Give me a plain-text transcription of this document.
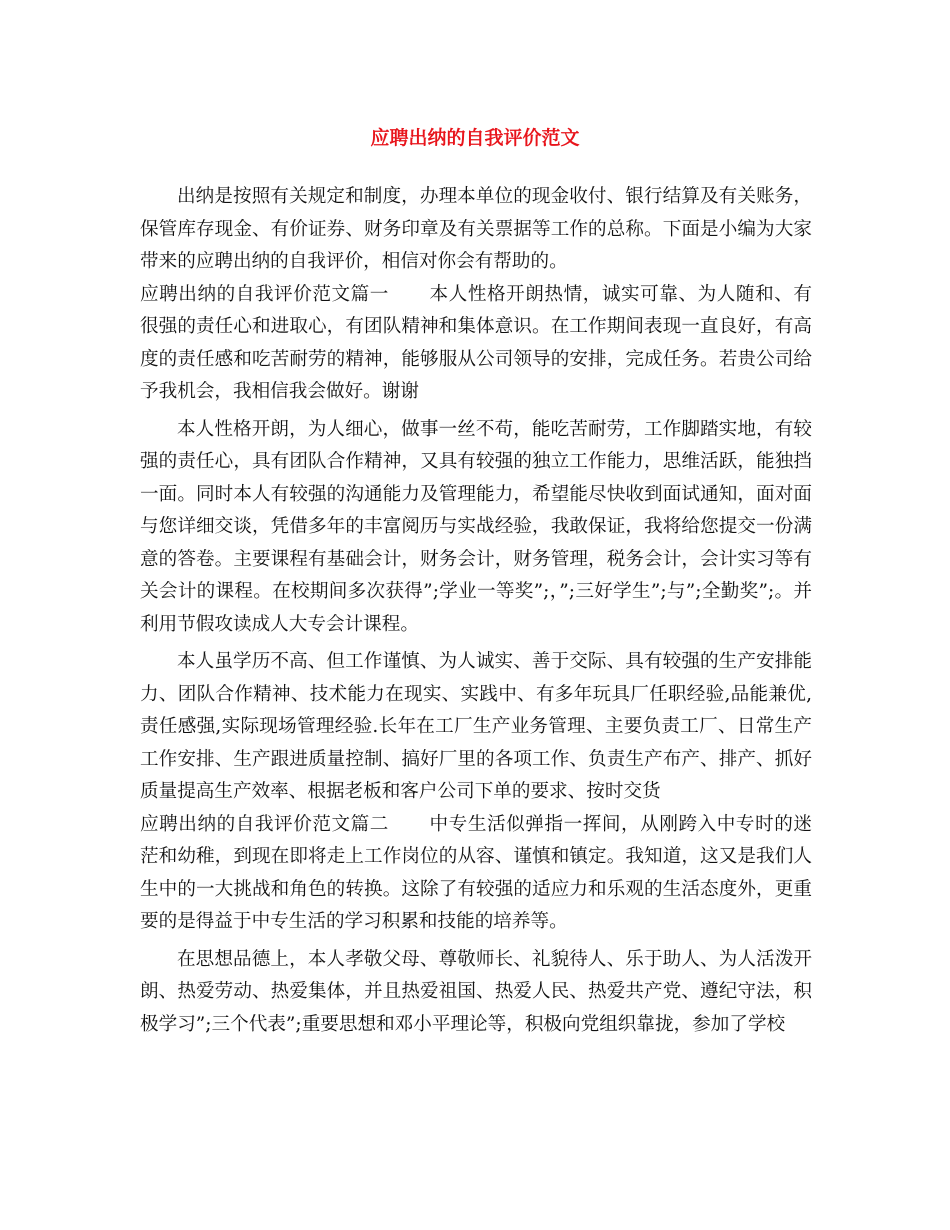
应聘出纳的自我评价范文

出纳是按照有关规定和制度，办理本单位的现金收付、银行结算及有关账务，保管库存现金、有价证券、财务印章及有关票据等工作的总称。下面是小编为大家带来的应聘出纳的自我评价，相信对你会有帮助的。

应聘出纳的自我评价范文篇一 本人性格开朗热情，诚实可靠、为人随和、有很强的责任心和进取心，有团队精神和集体意识。在工作期间表现一直良好，有高度的责任感和吃苦耐劳的精神，能够服从公司领导的安排，完成任务。若贵公司给予我机会，我相信我会做好。谢谢

本人性格开朗，为人细心，做事一丝不苟，能吃苦耐劳，工作脚踏实地，有较强的责任心，具有团队合作精神，又具有较强的独立工作能力，思维活跃，能独挡一面。同时本人有较强的沟通能力及管理能力，希望能尽快收到面试通知，面对面与您详细交谈，凭借多年的丰富阅历与实战经验，我敢保证，我将给您提交一份满意的答卷。主要课程有基础会计，财务会计，财务管理，税务会计，会计实习等有关会计的课程。在校期间多次获得”;学业一等奖”;，”;三好学生”;与”;全勤奖”;。并利用节假攻读成人大专会计课程。

本人虽学历不高、但工作谨慎、为人诚实、善于交际、具有较强的生产安排能力、团队合作精神、技术能力在现实、实践中、有多年玩具厂任职经验,品能兼优,责任感强,实际现场管理经验.长年在工厂生产业务管理、主要负责工厂、日常生产工作安排、生产跟进质量控制、搞好厂里的各项工作、负责生产布产、排产、抓好质量提高生产效率、根据老板和客户公司下单的要求、按时交货

应聘出纳的自我评价范文篇二 中专生活似弹指一挥间，从刚跨入中专时的迷茫和幼稚，到现在即将走上工作岗位的从容、谨慎和镇定。我知道，这又是我们人生中的一大挑战和角色的转换。这除了有较强的适应力和乐观的生活态度外，更重要的是得益于中专生活的学习积累和技能的培养等。

在思想品德上，本人孝敬父母、尊敬师长、礼貌待人、乐于助人、为人活泼开朗、热爱劳动、热爱集体，并且热爱祖国、热爱人民、热爱共产党、遵纪守法，积极学习”;三个代表”;重要思想和邓小平理论等，积极向党组织靠拢，参加了学校
